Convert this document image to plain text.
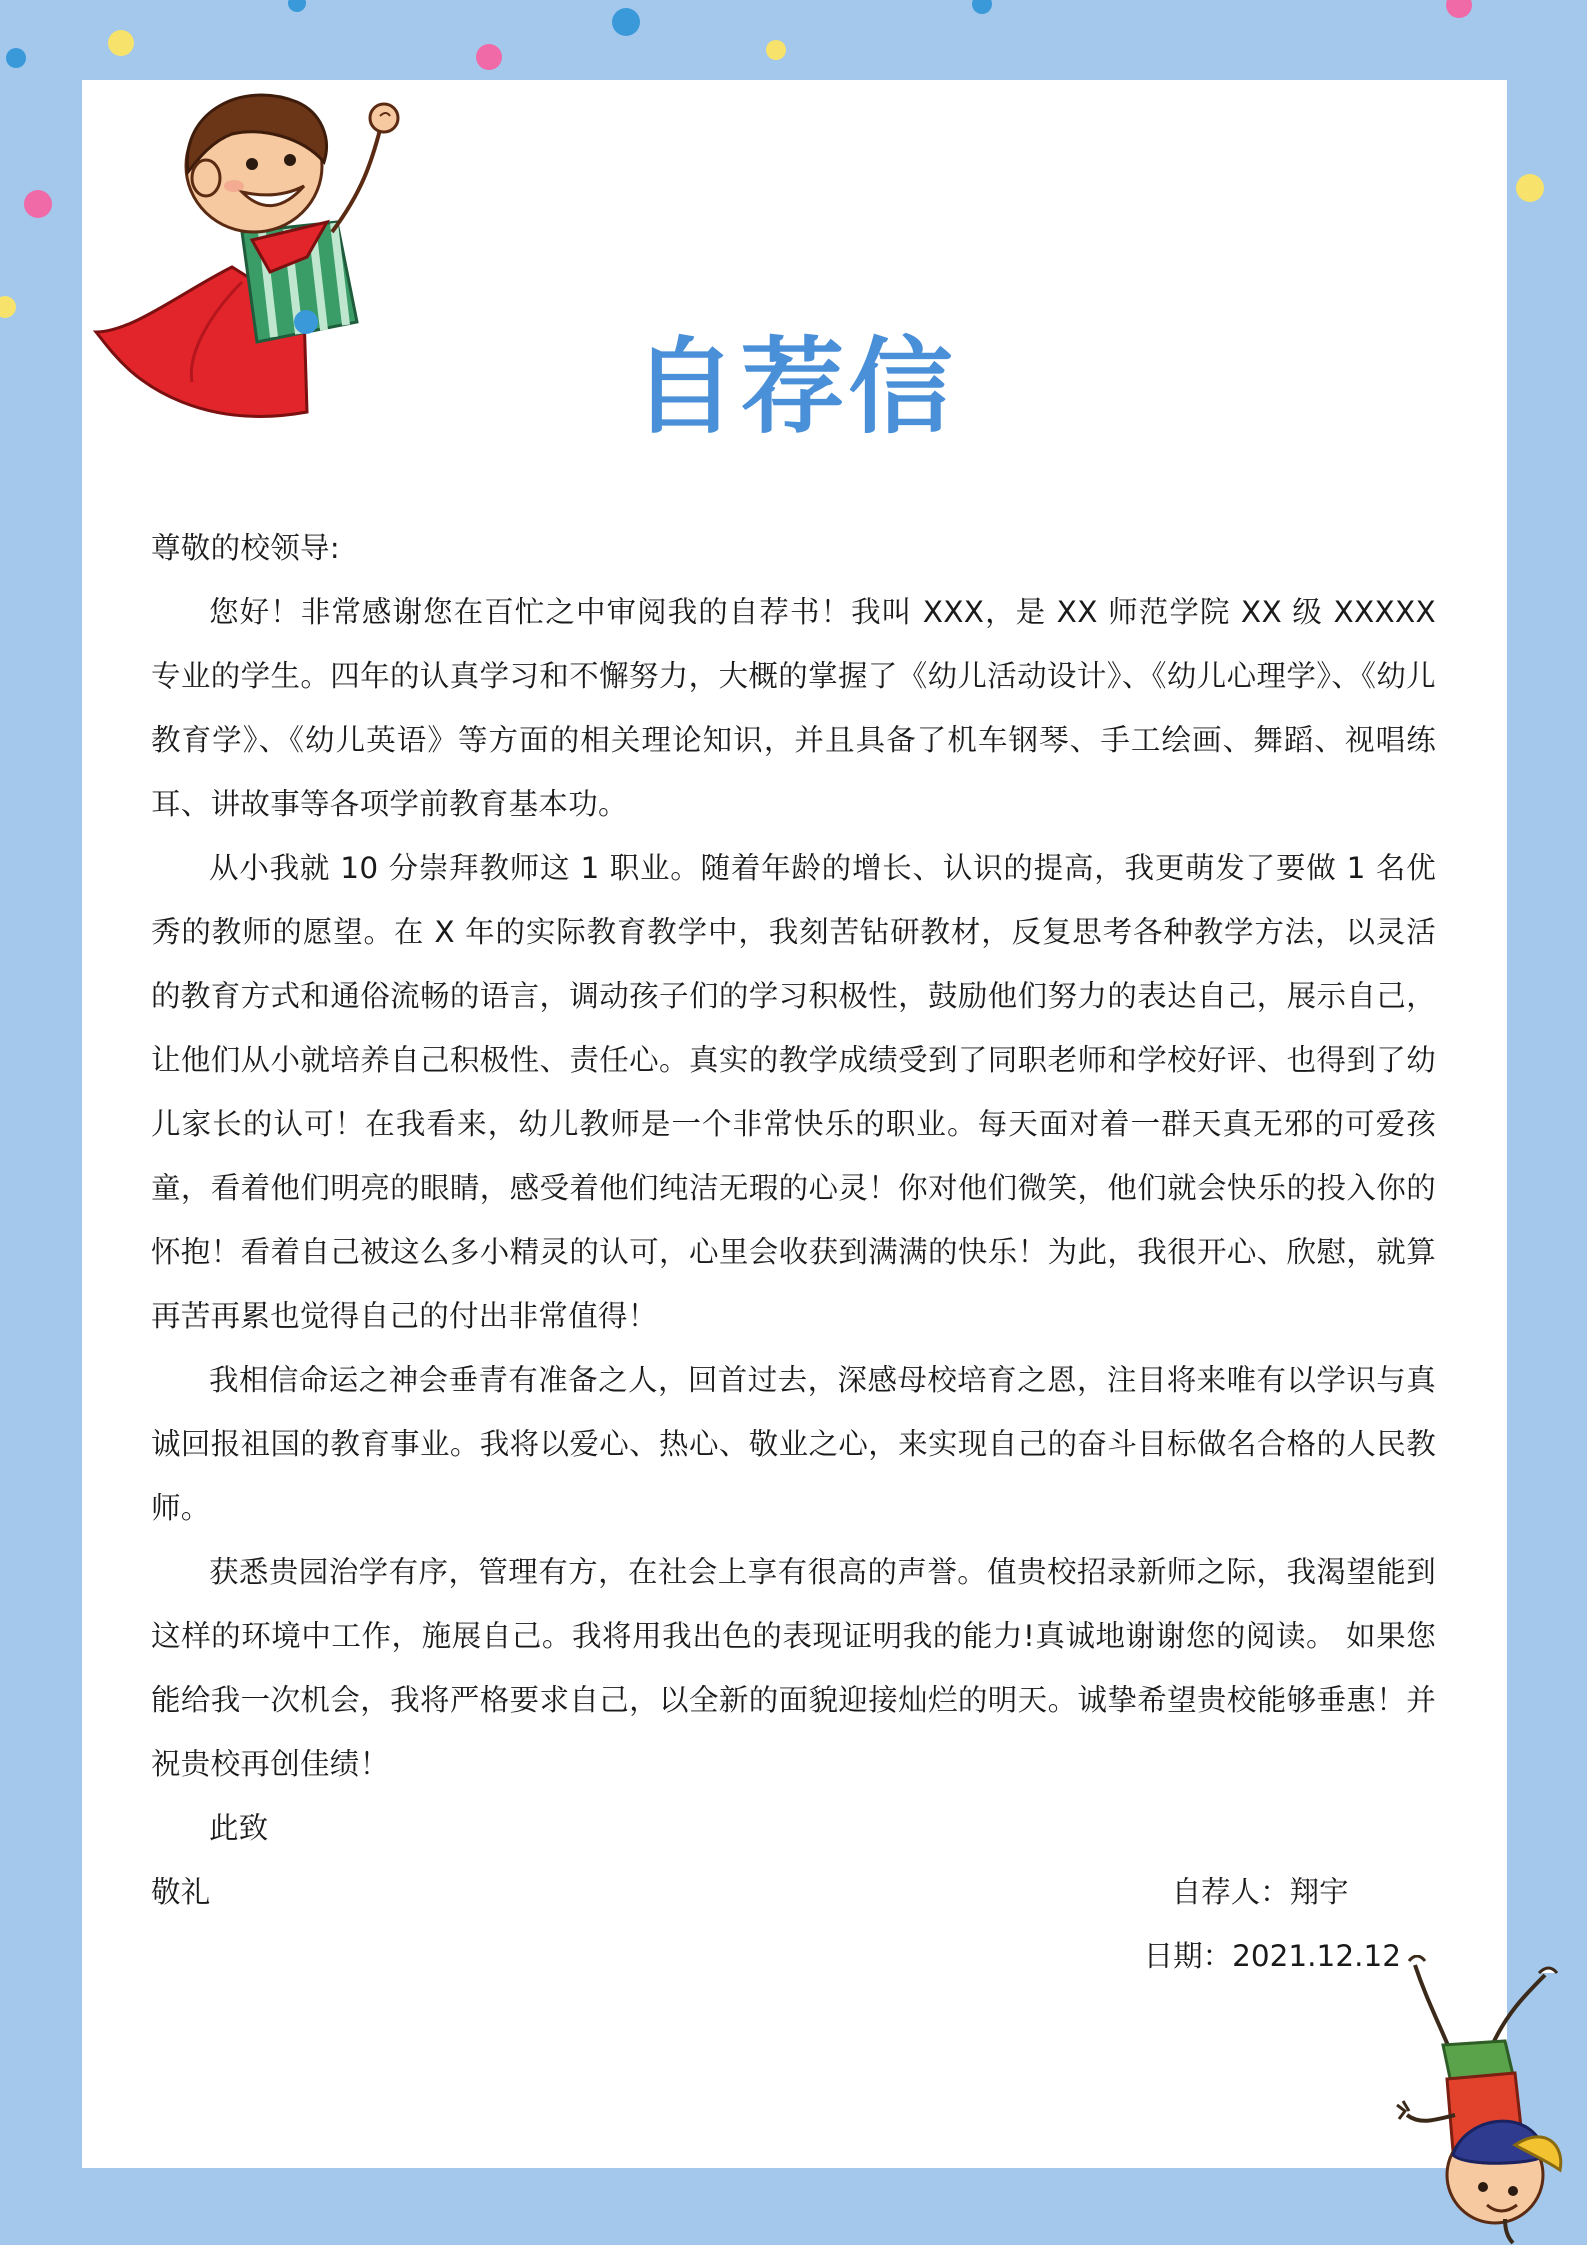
自荐信

尊敬的校领导:

您好！非常感谢您在百忙之中审阅我的自荐书！我叫 XXX，是 XX 师范学院 XX 级 XXXXX 专业的学生。四年的认真学习和不懈努力，大概的掌握了《幼儿活动设计》、《幼儿心理学》、《幼儿教育学》、《幼儿英语》等方面的相关理论知识，并且具备了机车钢琴、手工绘画、舞蹈、视唱练耳、讲故事等各项学前教育基本功。

从小我就 10 分崇拜教师这 1 职业。随着年龄的增长、认识的提高，我更萌发了要做 1 名优秀的教师的愿望。在 X 年的实际教育教学中，我刻苦钻研教材，反复思考各种教学方法，以灵活的教育方式和通俗流畅的语言，调动孩子们的学习积极性，鼓励他们努力的表达自己，展示自己，让他们从小就培养自己积极性、责任心。真实的教学成绩受到了同职老师和学校好评、也得到了幼儿家长的认可！在我看来，幼儿教师是一个非常快乐的职业。每天面对着一群天真无邪的可爱孩童，看着他们明亮的眼睛，感受着他们纯洁无瑕的心灵！你对他们微笑，他们就会快乐的投入你的怀抱！看着自己被这么多小精灵的认可，心里会收获到满满的快乐！为此，我很开心、欣慰，就算再苦再累也觉得自己的付出非常值得！

我相信命运之神会垂青有准备之人，回首过去，深感母校培育之恩，注目将来唯有以学识与真诚回报祖国的教育事业。我将以爱心、热心、敬业之心，来实现自己的奋斗目标做名合格的人民教师。

获悉贵园治学有序，管理有方，在社会上享有很高的声誉。值贵校招录新师之际，我渴望能到这样的环境中工作，施展自己。我将用我出色的表现证明我的能力!真诚地谢谢您的阅读。 如果您能给我一次机会，我将严格要求自己，以全新的面貌迎接灿烂的明天。诚挚希望贵校能够垂惠！并祝贵校再创佳绩！

此致

敬礼	自荐人：翔宇
日期：2021.12.12
